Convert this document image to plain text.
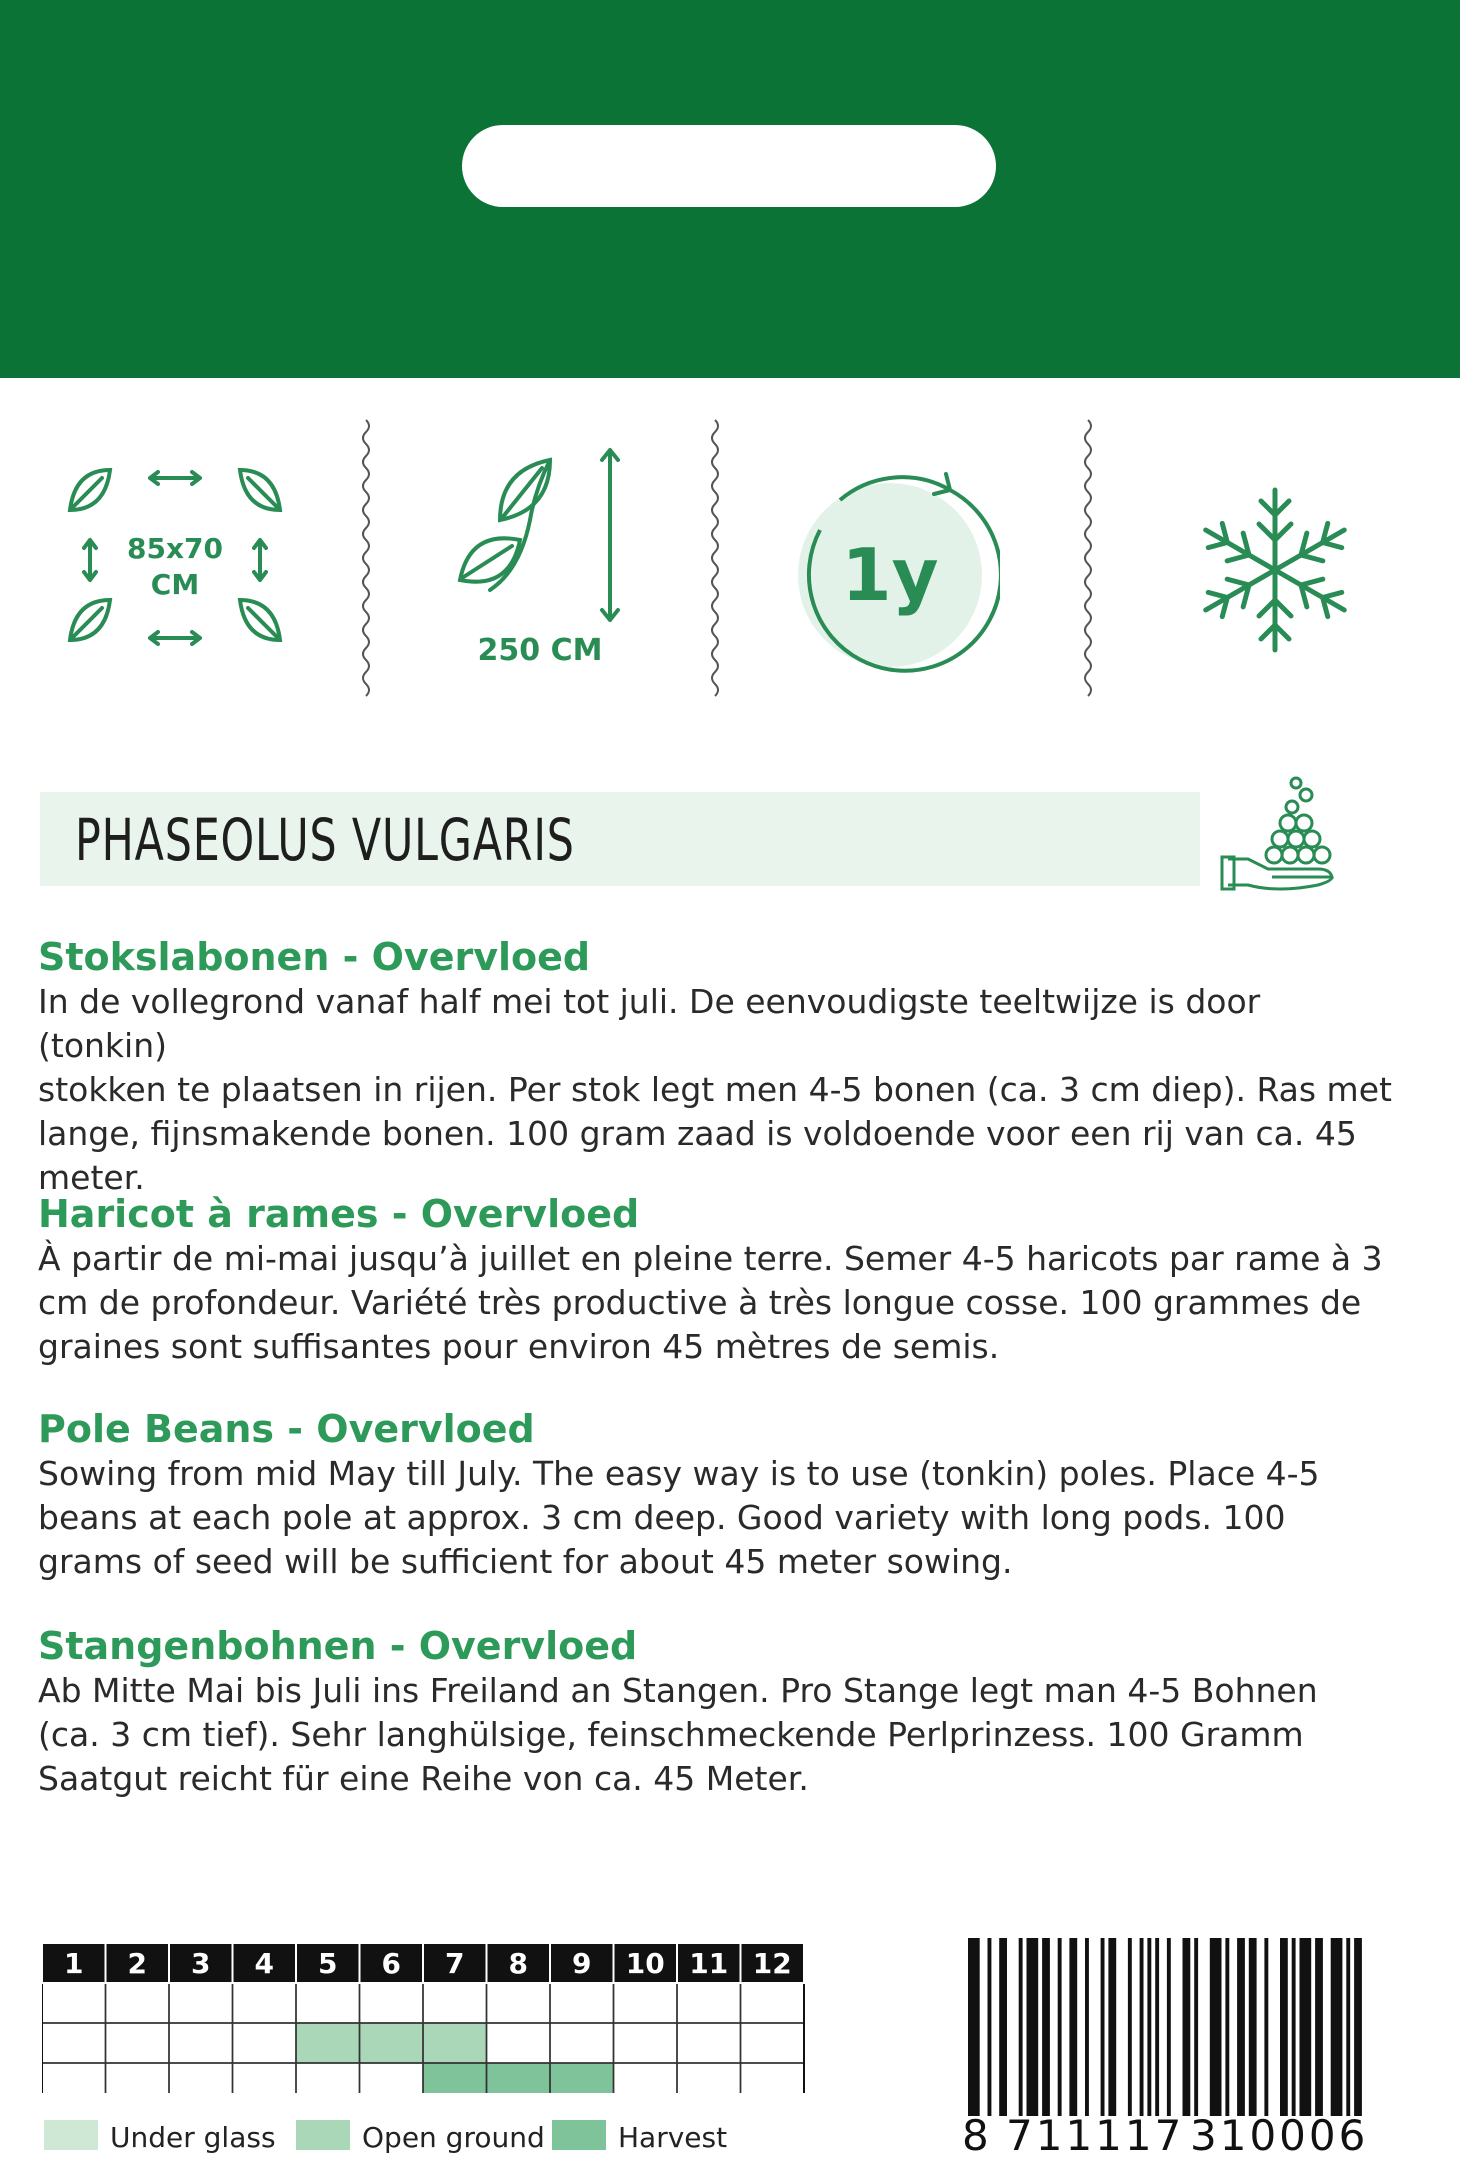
85x70
CM
250 CM
1y
PHASEOLUS VULGARIS
Stokslabonen - Overvloed
In de vollegrond vanaf half mei tot juli. De eenvoudigste teeltwijze is door (tonkin)
stokken te plaatsen in rijen. Per stok legt men 4-5 bonen (ca. 3 cm diep). Ras met
lange, fijnsmakende bonen. 100 gram zaad is voldoende voor een rij van ca. 45
meter.
Haricot à rames - Overvloed
À partir de mi-mai jusqu’à juillet en pleine terre. Semer 4-5 haricots par rame à 3
cm de profondeur. Variété très productive à très longue cosse. 100 grammes de
graines sont suffisantes pour environ 45 mètres de semis.
Pole Beans - Overvloed
Sowing from mid May till July. The easy way is to use (tonkin) poles. Place 4-5
beans at each pole at approx. 3 cm deep. Good variety with long pods. 100
grams of seed will be sufficient for about 45 meter sowing.
Stangenbohnen - Overvloed
Ab Mitte Mai bis Juli ins Freiland an Stangen. Pro Stange legt man 4-5 Bohnen
(ca. 3 cm tief). Sehr langhülsige, feinschmeckende Perlprinzess. 100 Gramm
Saatgut reicht für eine Reihe von ca. 45 Meter.
1 2 3 4 5 6 7 8 9 10 11 12
Under glass	Open ground	Harvest	8 711117 310006
